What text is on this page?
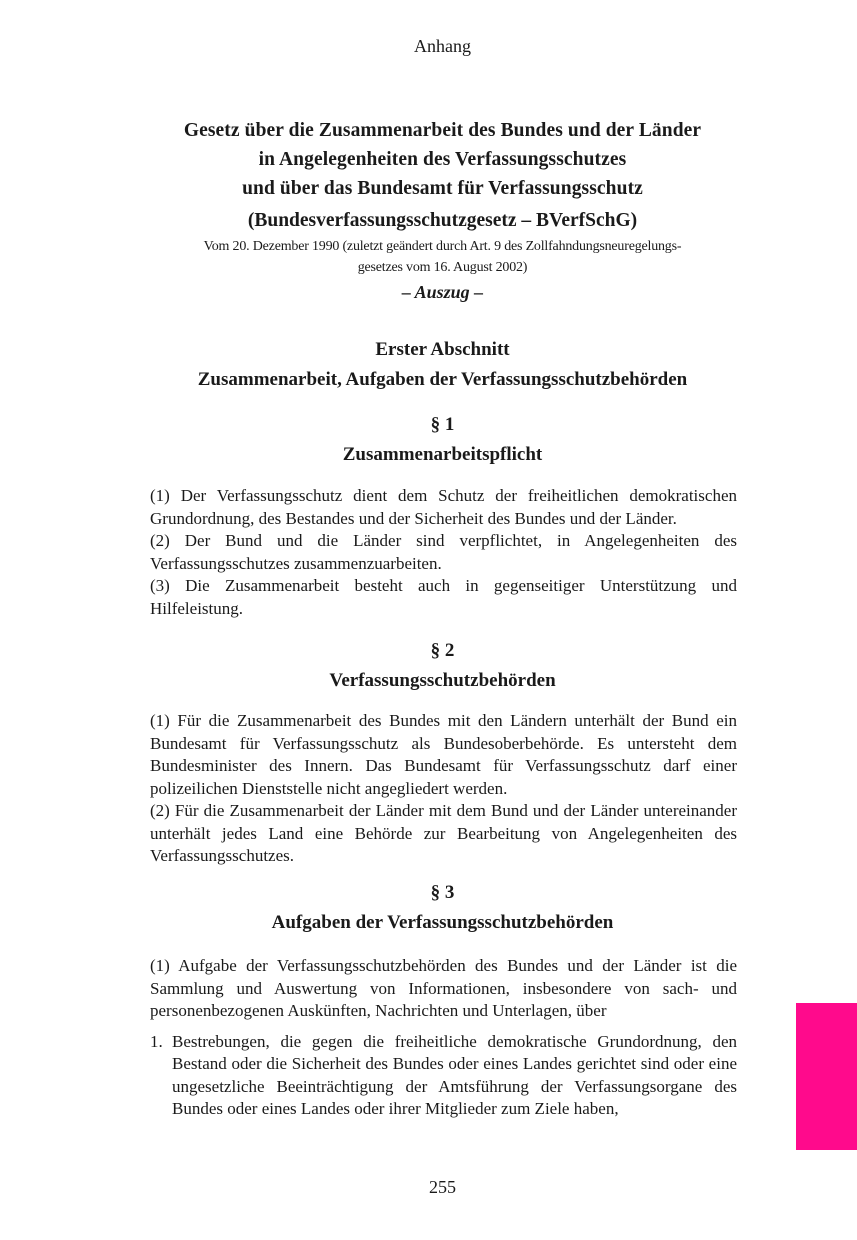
Anhang
Gesetz über die Zusammenarbeit des Bundes und der Länder
in Angelegenheiten des Verfassungsschutzes
und über das Bundesamt für Verfassungsschutz
(Bundesverfassungsschutzgesetz – BVerfSchG)
Vom 20. Dezember 1990 (zuletzt geändert durch Art. 9 des Zollfahndungsneuregelungs-
gesetzes vom 16. August 2002)
– Auszug –
Erster Abschnitt
Zusammenarbeit, Aufgaben der Verfassungsschutzbehörden
§ 1
Zusammenarbeitspflicht

(1) Der Verfassungsschutz dient dem Schutz der freiheitlichen demokratischen Grundordnung, des Bestandes und der Sicherheit des Bundes und der Länder.

(2) Der Bund und die Länder sind verpflichtet, in Angelegenheiten des Verfassungsschutzes zusammenzuarbeiten.

(3) Die Zusammenarbeit besteht auch in gegenseitiger Unterstützung und Hilfeleistung.

§ 2
Verfassungsschutzbehörden

(1) Für die Zusammenarbeit des Bundes mit den Ländern unterhält der Bund ein Bundesamt für Verfassungsschutz als Bundesoberbehörde. Es untersteht dem Bundesminister des Innern. Das Bundesamt für Verfassungsschutz darf einer polizeilichen Dienststelle nicht angegliedert werden.

(2) Für die Zusammenarbeit der Länder mit dem Bund und der Länder untereinander unterhält jedes Land eine Behörde zur Bearbeitung von Angelegenheiten des Verfassungsschutzes.

§ 3
Aufgaben der Verfassungsschutzbehörden

(1) Aufgabe der Verfassungsschutzbehörden des Bundes und der Länder ist die Sammlung und Auswertung von Informationen, insbesondere von sach- und personenbezogenen Auskünften, Nachrichten und Unterlagen, über

1. Bestrebungen, die gegen die freiheitliche demokratische Grundordnung, den Bestand oder die Sicherheit des Bundes oder eines Landes gerichtet sind oder eine ungesetzliche Beeinträchtigung der Amtsführung der Verfassungsorgane des Bundes oder eines Landes oder ihrer Mitglieder zum Ziele haben,
255
